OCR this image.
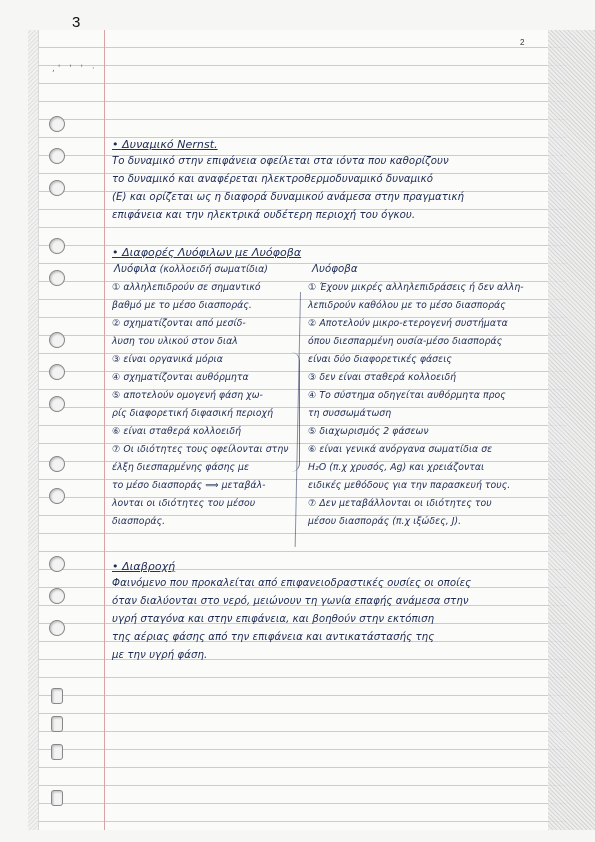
,' ' ' ·
3
2
• Δυναμικό Nernst.
Το δυναμικό στην επιφάνεια οφείλεται στα ιόντα που καθορίζουν
το δυναμικό και αναφέρεται ηλεκτροθερμοδυναμικό δυναμικό
(E) και ορίζεται ως η διαφορά δυναμικού ανάμεσα στην πραγματική
επιφάνεια και την ηλεκτρικά ουδέτερη περιοχή του όγκου.
• Διαφορές Λυόφιλων με Λυόφοβα
Λυόφιλα (κολλοειδή σωματίδια)	Λυόφοβα
① αλληλεπιδρούν σε σημαντικό
βαθμό με το μέσο διασποράς.
② σχηματίζονται από μεσίδ-
λυση του υλικού στον διαλ
③ είναι οργανικά μόρια
④ σχηματίζονται αυθόρμητα
⑤ αποτελούν ομογενή φάση χω-
ρίς διαφορετική διφασική περιοχή
⑥ είναι σταθερά κολλοειδή
⑦ Οι ιδιότητες τους οφείλονται στην
έλξη διεσπαρμένης φάσης με
το μέσο διασποράς ⟹ μεταβάλ-
λονται οι ιδιότητες του μέσου
διασποράς.
① Έχουν μικρές αλληλεπιδράσεις ή δεν αλλη-
λεπιδρούν καθόλου με το μέσο διασποράς
② Αποτελούν μικρο-ετερογενή συστήματα
όπου διεσπαρμένη ουσία-μέσο διασποράς
είναι δύο διαφορετικές φάσεις
③ δεν είναι σταθερά κολλοειδή
④ Το σύστημα οδηγείται αυθόρμητα προς
τη συσσωμάτωση
⑤ διαχωρισμός 2 φάσεων
⑥ είναι γενικά ανόργανα σωματίδια σε
H₂O (π.χ χρυσός, Ag) και χρειάζονται
ειδικές μεθόδους για την παρασκευή τους.
⑦ Δεν μεταβάλλονται οι ιδιότητες του
μέσου διασποράς (π.χ ιξώδες, J).
• Διαβροχή
Φαινόμενο που προκαλείται από επιφανειοδραστικές ουσίες οι οποίες
όταν διαλύονται στο νερό, μειώνουν τη γωνία επαφής ανάμεσα στην
υγρή σταγόνα και στην επιφάνεια, και βοηθούν στην εκτόπιση
της αέριας φάσης από την επιφάνεια και αντικατάστασής της
με την υγρή φάση.
